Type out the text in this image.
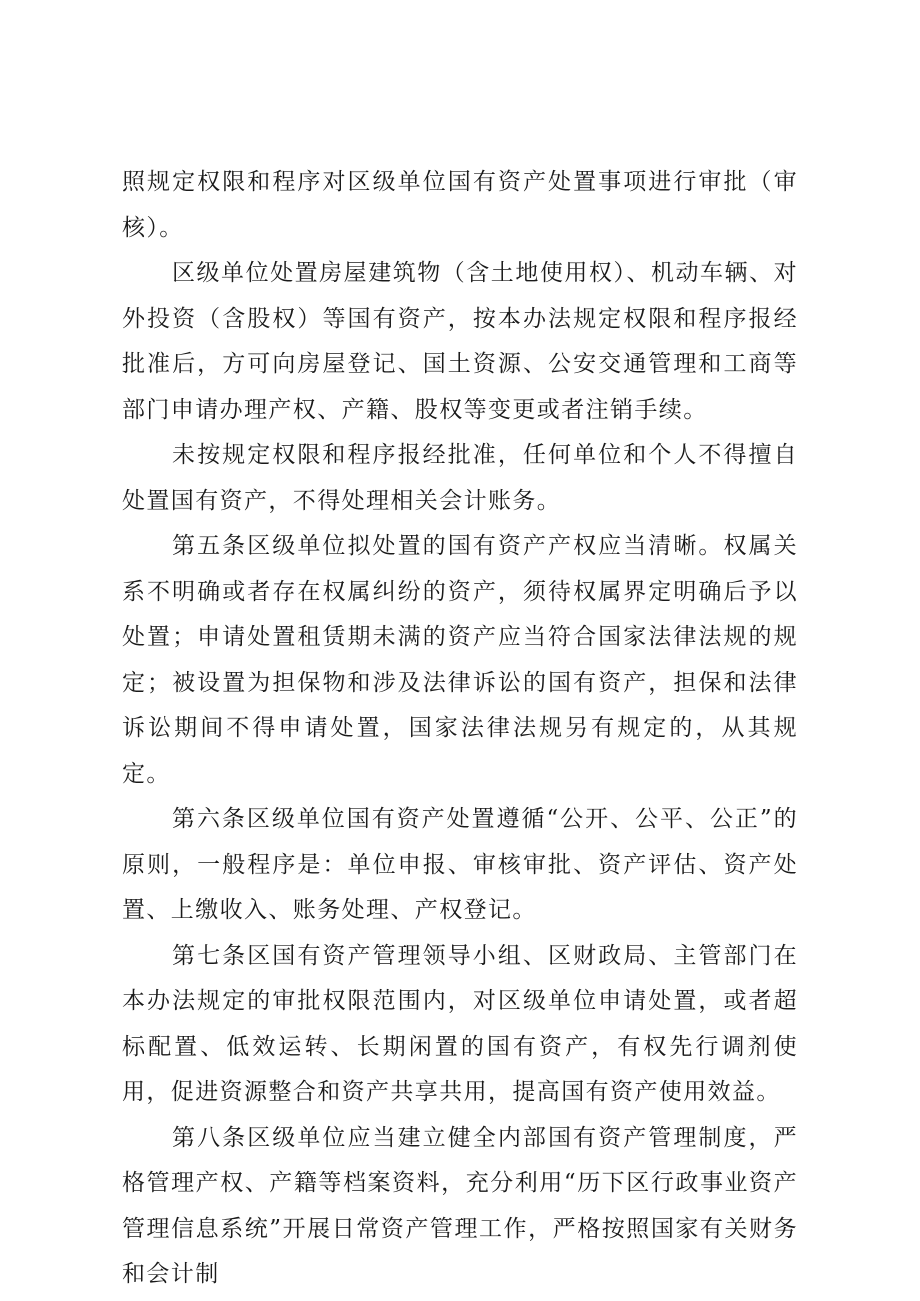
照规定权限和程序对区级单位国有资产处置事项进行审批（审核）。

区级单位处置房屋建筑物（含土地使用权）、机动车辆、对外投资（含股权）等国有资产，按本办法规定权限和程序报经批准后，方可向房屋登记、国土资源、公安交通管理和工商等部门申请办理产权、产籍、股权等变更或者注销手续。

未按规定权限和程序报经批准，任何单位和个人不得擅自处置国有资产，不得处理相关会计账务。

第五条区级单位拟处置的国有资产产权应当清晰。权属关系不明确或者存在权属纠纷的资产，须待权属界定明确后予以处置；申请处置租赁期未满的资产应当符合国家法律法规的规定；被设置为担保物和涉及法律诉讼的国有资产，担保和法律诉讼期间不得申请处置，国家法律法规另有规定的，从其规定。

第六条区级单位国有资产处置遵循“公开、公平、公正”的原则，一般程序是：单位申报、审核审批、资产评估、资产处置、上缴收入、账务处理、产权登记。

第七条区国有资产管理领导小组、区财政局、主管部门在本办法规定的审批权限范围内，对区级单位申请处置，或者超标配置、低效运转、长期闲置的国有资产，有权先行调剂使用，促进资源整合和资产共享共用，提高国有资产使用效益。

第八条区级单位应当建立健全内部国有资产管理制度，严格管理产权、产籍等档案资料，充分利用“历下区行政事业资产管理信息系统”开展日常资产管理工作，严格按照国家有关财务和会计制
